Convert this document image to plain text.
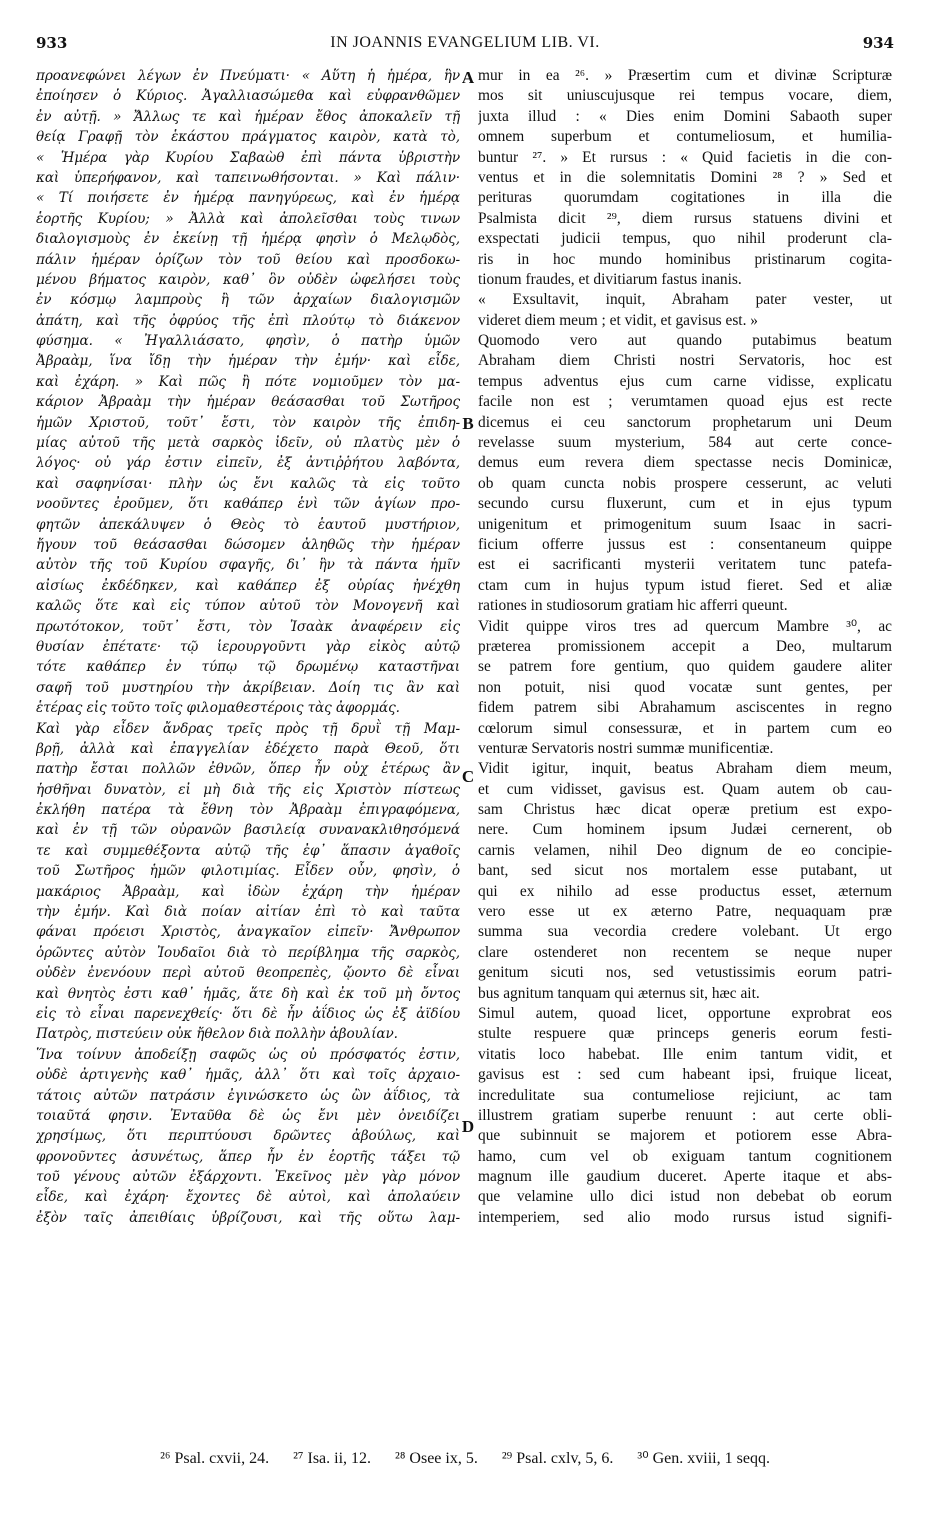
933	IN JOANNIS EVANGELIUM LIB. VI.	934
προανεφώνει λέγων ἐν Πνεύματι· « Αὕτη ἡ ἡμέρα, ἣν
ἐποίησεν ὁ Κύριος. Ἀγαλλιασώμεθα καὶ εὐφρανθῶμεν
ἐν αὐτῇ. » Ἄλλως τε καὶ ἡμέραν ἔθος ἀποκαλεῖν τῇ
θείᾳ Γραφῇ τὸν ἑκάστου πράγματος καιρὸν, κατὰ τὸ,
« Ἡμέρα γὰρ Κυρίου Σαβαὼθ ἐπὶ πάντα ὑβριστὴν
καὶ ὑπερήφανον, καὶ ταπεινωθήσονται. » Καὶ πάλιν·
« Τί ποιήσετε ἐν ἡμέρᾳ πανηγύρεως, καὶ ἐν ἡμέρᾳ
ἑορτῆς Κυρίου; » Ἀλλὰ καὶ ἀπολεῖσθαι τοὺς τινων
διαλογισμοὺς ἐν ἐκείνῃ τῇ ἡμέρᾳ φησὶν ὁ Μελῳδὸς,
πάλιν ἡμέραν ὁρίζων τὸν τοῦ θείου καὶ προσδοκω-
μένου βήματος καιρὸν, καθ᾽ ὃν οὐδὲν ὠφελήσει τοὺς
ἐν κόσμῳ λαμπροὺς ἢ τῶν ἀρχαίων διαλογισμῶν
ἀπάτη, καὶ τῆς ὀφρύος τῆς ἐπὶ πλούτῳ τὸ διάκενον
φύσημα. « Ἠγαλλιάσατο, φησὶν, ὁ πατὴρ ὑμῶν
Ἀβραὰμ, ἵνα ἴδῃ τὴν ἡμέραν τὴν ἐμήν· καὶ εἶδε,
καὶ ἐχάρη. » Καὶ πῶς ἢ πότε νομιοῦμεν τὸν μα-
κάριον Ἀβραὰμ τὴν ἡμέραν θεάσασθαι τοῦ Σωτῆρος
ἡμῶν Χριστοῦ, τοῦτ᾽ ἔστι, τὸν καιρὸν τῆς ἐπιδη-
μίας αὐτοῦ τῆς μετὰ σαρκὸς ἰδεῖν, οὐ πλατὺς μὲν ὁ
λόγος· οὐ γάρ ἐστιν εἰπεῖν, ἐξ ἀντιῤῥήτου λαβόντα,
καὶ σαφηνίσαι· πλὴν ὡς ἔνι καλῶς τὰ εἰς τοῦτο
νοοῦντες ἐροῦμεν, ὅτι καθάπερ ἑνὶ τῶν ἁγίων προ-
φητῶν ἀπεκάλυψεν ὁ Θεὸς τὸ ἑαυτοῦ μυστήριον,
ἤγουν τοῦ θεάσασθαι δώσομεν ἀληθῶς τὴν ἡμέραν
αὐτὸν τῆς τοῦ Κυρίου σφαγῆς, δι᾽ ἣν τὰ πάντα ἡμῖν
αἰσίως ἐκδέδηκεν, καὶ καθάπερ ἐξ οὐρίας ἠνέχθη
καλῶς ὅτε καὶ εἰς τύπον αὐτοῦ τὸν Μονογενῆ καὶ
πρωτότοκον, τοῦτ᾽ ἔστι, τὸν Ἰσαὰκ ἀναφέρειν εἰς
θυσίαν ἐπέτατε· τῷ ἱερουργοῦντι γὰρ εἰκὸς αὐτῷ
τότε καθάπερ ἐν τύπῳ τῷ δρωμένῳ καταστῆναι
σαφῆ τοῦ μυστηρίου τὴν ἀκρίβειαν. Δοίη τις ἂν καὶ
ἑτέρας εἰς τοῦτο τοῖς φιλομαθεστέροις τὰς ἀφορμάς.
Καὶ γὰρ εἶδεν ἄνδρας τρεῖς πρὸς τῇ δρυῒ τῇ Μαμ-
βρῇ, ἀλλὰ καὶ ἐπαγγελίαν ἐδέχετο παρὰ Θεοῦ, ὅτι
πατὴρ ἔσται πολλῶν ἐθνῶν, ὅπερ ἦν οὐχ ἑτέρως ἂν
ἡσθῆναι δυνατὸν, εἰ μὴ διὰ τῆς εἰς Χριστὸν πίστεως
ἐκλήθη πατέρα τὰ ἔθνη τὸν Ἀβραὰμ ἐπιγραφόμενα,
καὶ ἐν τῇ τῶν οὐρανῶν βασιλείᾳ συνανακλιθησόμενά
τε καὶ συμμεθέξοντα αὐτῷ τῆς ἐφ᾽ ἅπασιν ἀγαθοῖς
τοῦ Σωτῆρος ἡμῶν φιλοτιμίας. Εἶδεν οὖν, φησὶν, ὁ
μακάριος Ἀβραὰμ, καὶ ἰδὼν ἐχάρη τὴν ἡμέραν
τὴν ἐμήν. Καὶ διὰ ποίαν αἰτίαν ἐπὶ τὸ καὶ ταῦτα
φάναι πρόεισι Χριστὸς, ἀναγκαῖον εἰπεῖν· Ἄνθρωπον
ὁρῶντες αὐτὸν Ἰουδαῖοι διὰ τὸ περίβλημα τῆς σαρκὸς,
οὐδὲν ἐνενόουν περὶ αὐτοῦ θεοπρεπὲς, ᾤοντο δὲ εἶναι
καὶ θνητὸς ἐστι καθ᾽ ἡμᾶς, ἅτε δὴ καὶ ἐκ τοῦ μὴ ὄντος
εἰς τὸ εἶναι παρενεχθείς· ὅτι δὲ ἦν ἀΐδιος ὡς ἐξ ἀϊδίου
Πατρὸς, πιστεύειν οὐκ ἤθελον διὰ πολλὴν ἀβουλίαν.
Ἵνα τοίνυν ἀποδείξῃ σαφῶς ὡς οὐ πρόσφατός ἐστιν,
οὐδὲ ἀρτιγενὴς καθ᾽ ἡμᾶς, ἀλλ᾽ ὅτι καὶ τοῖς ἀρχαιο-
τάτοις αὐτῶν πατράσιν ἐγινώσκετο ὡς ὢν ἀΐδιος, τὰ
τοιαῦτά φησιν. Ἐνταῦθα δὲ ὡς ἔνι μὲν ὀνειδίζει
χρησίμως, ὅτι περιπτύουσι δρῶντες ἀβούλως, καὶ
φρονοῦντες ἀσυνέτως, ἅπερ ἦν ἐν ἑορτῆς τάξει τῷ
τοῦ γένους αὐτῶν ἐξάρχοντι. Ἐκεῖνος μὲν γὰρ μόνον
εἶδε, καὶ ἐχάρη· ἔχοντες δὲ αὐτοὶ, καὶ ἀπολαύειν
ἐξὸν ταῖς ἀπειθίαις ὑβρίζουσι, καὶ τῆς οὕτω λαμ-
mur in ea ²⁶. » Præsertim cum et divinæ Scripturæ
mos sit uniuscujusque rei tempus vocare, diem,
juxta illud : « Dies enim Domini Sabaoth super
omnem superbum et contumeliosum, et humilia-
buntur ²⁷. » Et rursus : « Quid facietis in die con-
ventus et in die solemnitatis Domini ²⁸ ? » Sed et
perituras quorumdam cogitationes in illa die
Psalmista dicit ²⁹, diem rursus statuens divini et
exspectati judicii tempus, quo nihil proderunt cla-
ris in hoc mundo hominibus pristinarum cogita-
tionum fraudes, et divitiarum fastus inanis.
« Exsultavit, inquit, Abraham pater vester, ut
videret diem meum ; et vidit, et gavisus est. »
Quomodo vero aut quando putabimus beatum
Abraham diem Christi nostri Servatoris, hoc est
tempus adventus ejus cum carne vidisse, explicatu
facile non est ; verumtamen quoad ejus est recte
dicemus ei ceu sanctorum prophetarum uni Deum
revelasse suum mysterium, 584 aut certe conce-
demus eum revera diem spectasse necis Dominicæ,
ob quam cuncta nobis prospere cesserunt, ac veluti
secundo cursu fluxerunt, cum et in ejus typum
unigenitum et primogenitum suum Isaac in sacri-
ficium offerre jussus est : consentaneum quippe
est ei sacrificanti mysterii veritatem tunc patefa-
ctam cum in hujus typum istud fieret. Sed et aliæ
rationes in studiosorum gratiam hic afferri queunt.
Vidit quippe viros tres ad quercum Mambre ³⁰, ac
præterea promissionem accepit a Deo, multarum
se patrem fore gentium, quo quidem gaudere aliter
non potuit, nisi quod vocatæ sunt gentes, per
fidem patrem sibi Abrahamum asciscentes in regno
cœlorum simul consessuræ, et in partem cum eo
venturæ Servatoris nostri summæ munificentiæ.
Vidit igitur, inquit, beatus Abraham diem meum,
et cum vidisset, gavisus est. Quam autem ob cau-
sam Christus hæc dicat operæ pretium est expo-
nere. Cum hominem ipsum Judæi cernerent, ob
carnis velamen, nihil Deo dignum de eo concipie-
bant, sed sicut nos mortalem esse putabant, ut
qui ex nihilo ad esse productus esset, æternum
vero esse ut ex æterno Patre, nequaquam præ
summa sua vecordia credere volebant. Ut ergo
clare ostenderet non recentem se neque nuper
genitum sicuti nos, sed vetustissimis eorum patri-
bus agnitum tanquam qui æternus sit, hæc ait.
Simul autem, quoad licet, opportune exprobrat eos
stulte respuere quæ princeps generis eorum festi-
vitatis loco habebat. Ille enim tantum vidit, et
gavisus est : sed cum habeant ipsi, fruique liceat,
incredulitate sua contumeliose rejiciunt, ac tam
illustrem gratiam superbe renuunt : aut certe obli-
que subinnuit se majorem et potiorem esse Abra-
hamo, cum vel ob exiguam tantum cognitionem
magnum ille gaudium duceret. Aperte itaque et abs-
que velamine ullo dici istud non debebat ob eorum
intemperiem, sed alio modo rursus istud signifi-
A
B
C
D
²⁶ Psal. cxvii, 24. ²⁷ Isa. ii, 12. ²⁸ Osee ix, 5. ²⁹ Psal. cxlv, 5, 6. ³⁰ Gen. xviii, 1 seqq.
